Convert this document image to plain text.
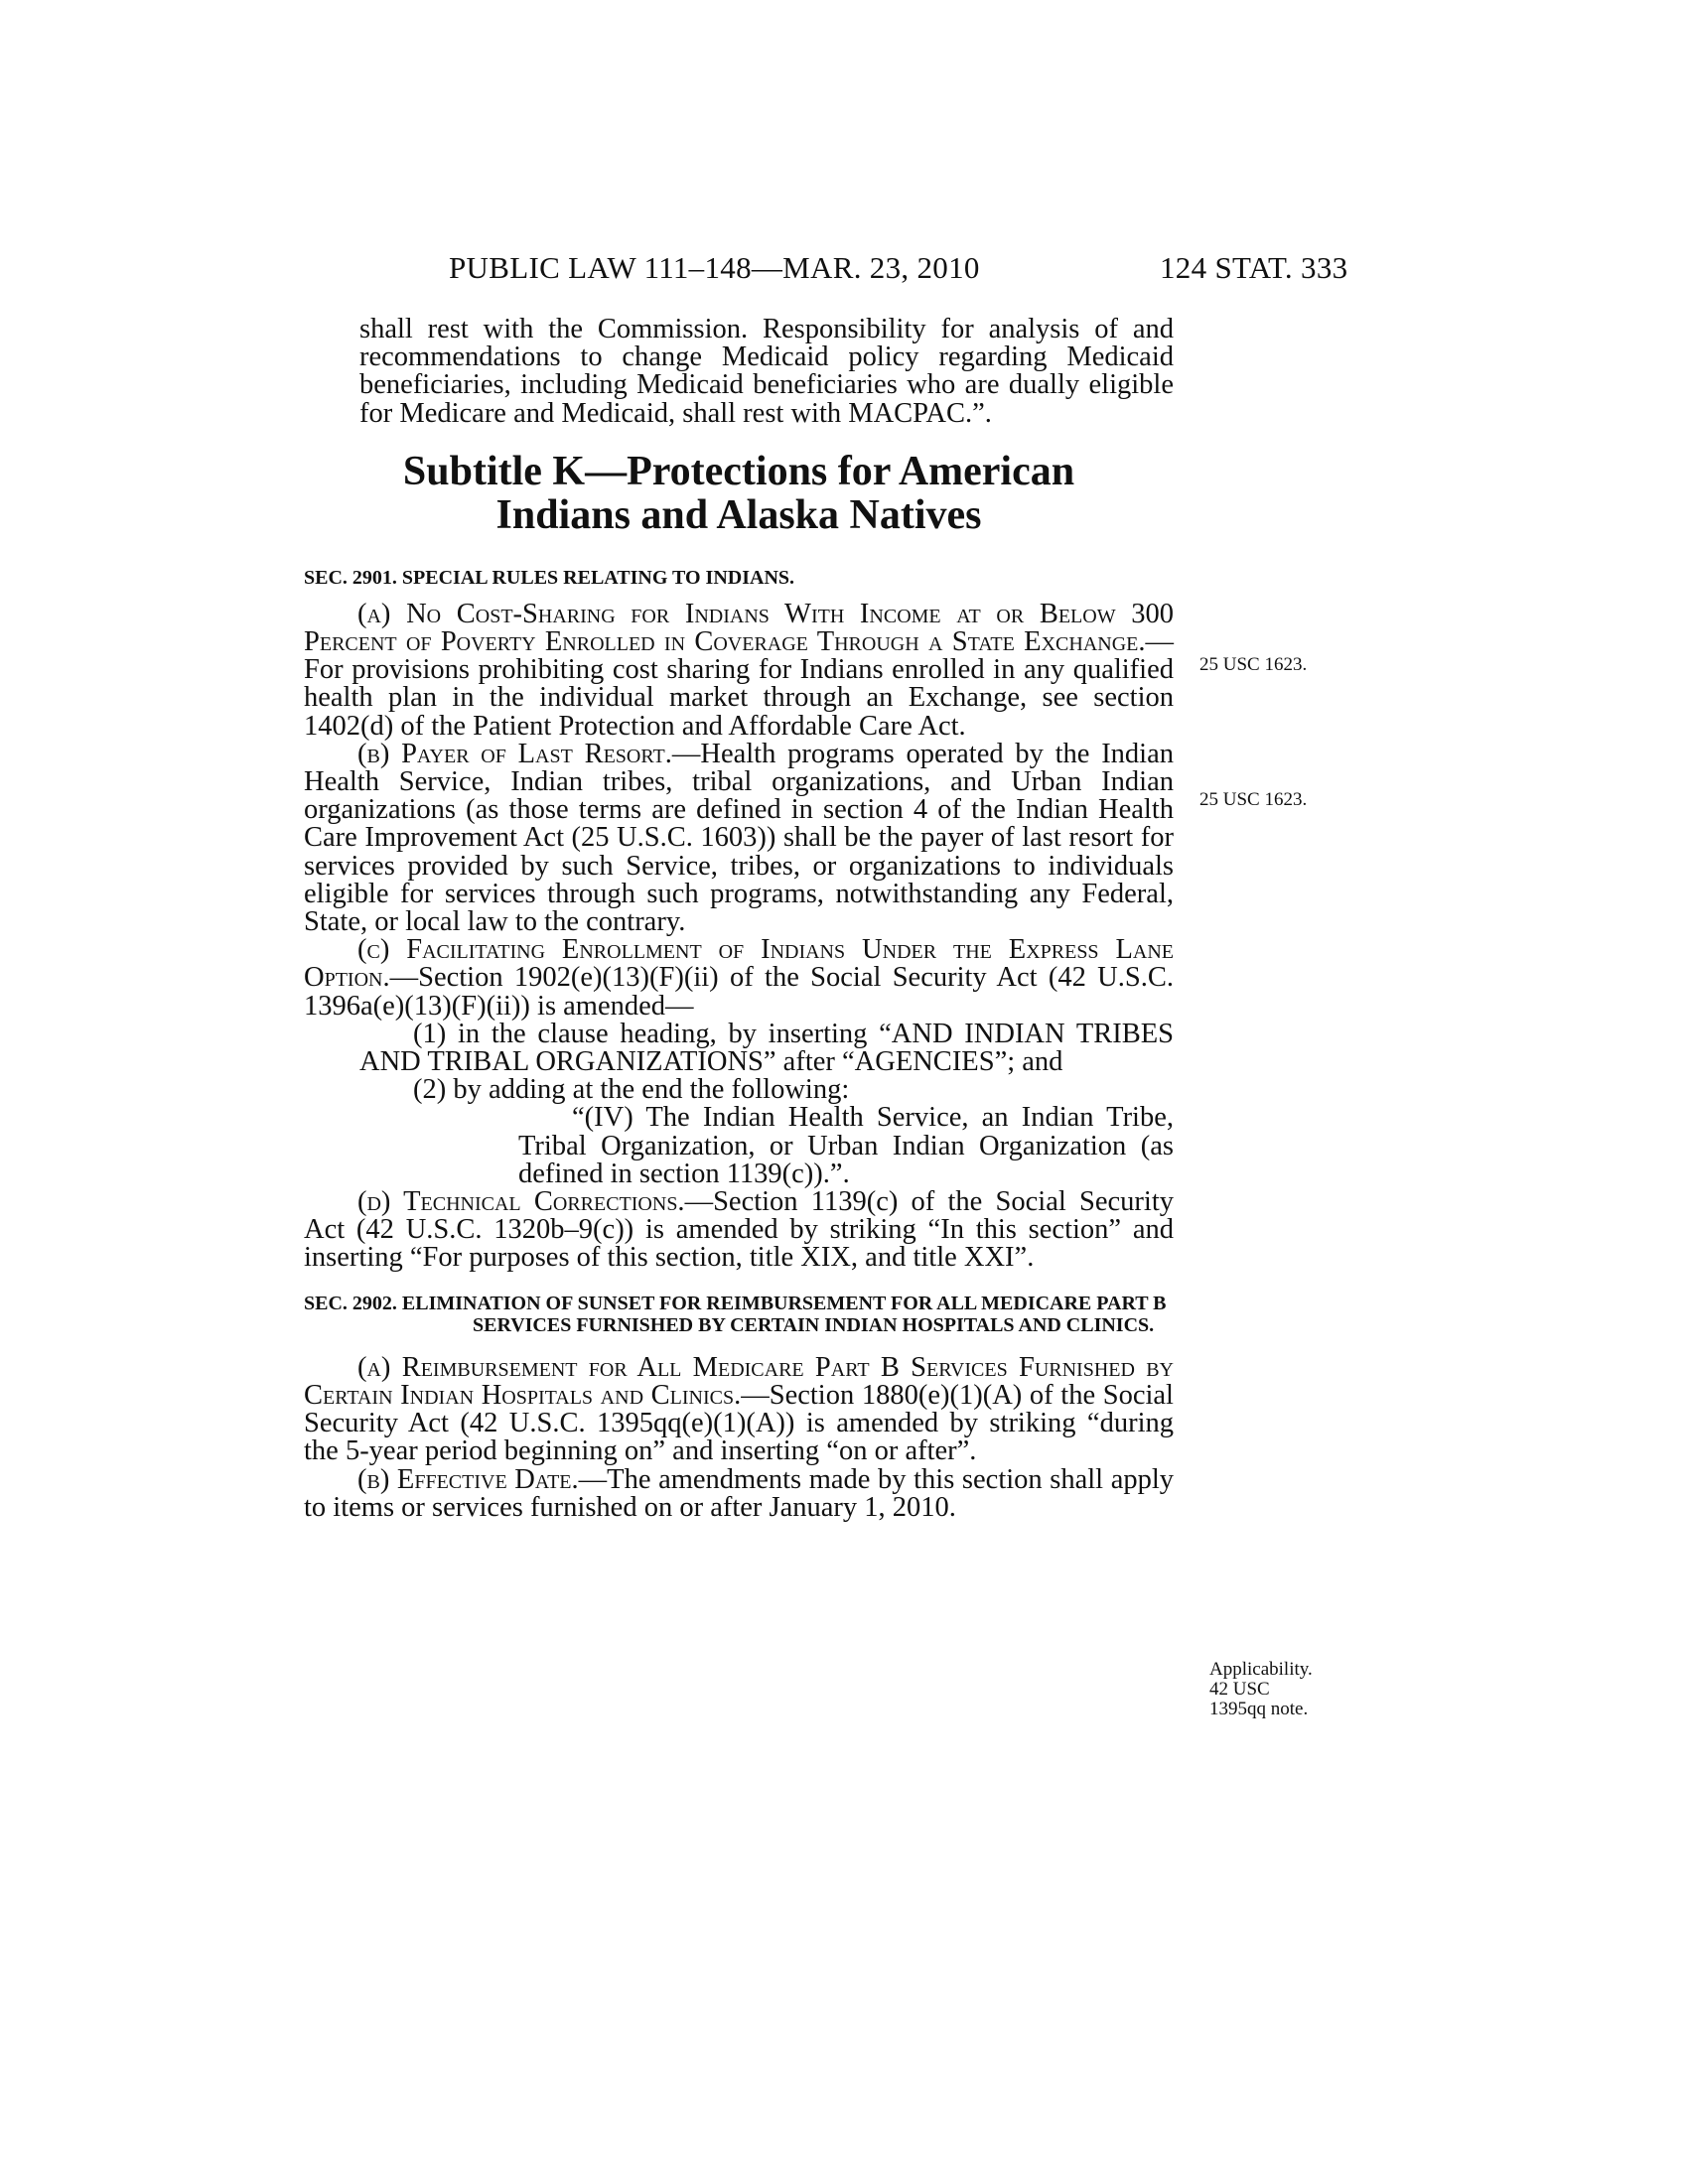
PUBLIC LAW 111–148—MAR. 23, 2010	124 STAT. 333

shall rest with the Commission. Responsibility for analysis of and recommendations to change Medicaid policy regarding Medicaid beneficiaries, including Medicaid beneficiaries who are dually eligible for Medicare and Medicaid, shall rest with MACPAC.”.

Subtitle K—Protections for American

Indians and Alaska Natives

SEC. 2901. SPECIAL RULES RELATING TO INDIANS.

(a) No Cost-Sharing for Indians With Income at or Below 300 Percent of Poverty Enrolled in Coverage Through a State Exchange.—For provisions prohibiting cost sharing for Indians enrolled in any qualified health plan in the individual market through an Exchange, see section 1402(d) of the Patient Protection and Affordable Care Act.

(b) Payer of Last Resort.—Health programs operated by the Indian Health Service, Indian tribes, tribal organizations, and Urban Indian organizations (as those terms are defined in section 4 of the Indian Health Care Improvement Act (25 U.S.C. 1603)) shall be the payer of last resort for services provided by such Service, tribes, or organizations to individuals eligible for services through such programs, notwithstanding any Federal, State, or local law to the contrary.

(c) Facilitating Enrollment of Indians Under the Express Lane Option.—Section 1902(e)(13)(F)(ii) of the Social Security Act (42 U.S.C. 1396a(e)(13)(F)(ii)) is amended—

(1) in the clause heading, by inserting “AND INDIAN TRIBES AND TRIBAL ORGANIZATIONS” after “AGENCIES”; and

(2) by adding at the end the following:

“(IV) The Indian Health Service, an Indian Tribe, Tribal Organization, or Urban Indian Organization (as defined in section 1139(c)).”.

(d) Technical Corrections.—Section 1139(c) of the Social Security Act (42 U.S.C. 1320b–9(c)) is amended by striking “In this section” and inserting “For purposes of this section, title XIX, and title XXI”.

SEC. 2902. ELIMINATION OF SUNSET FOR REIMBURSEMENT FOR ALL MEDICARE PART B SERVICES FURNISHED BY CERTAIN INDIAN HOSPITALS AND CLINICS.

(a) Reimbursement for All Medicare Part B Services Furnished by Certain Indian Hospitals and Clinics.—Section 1880(e)(1)(A) of the Social Security Act (42 U.S.C. 1395qq(e)(1)(A)) is amended by striking “during the 5-year period beginning on” and inserting “on or after”.

(b) Effective Date.—The amendments made by this section shall apply to items or services furnished on or after January 1, 2010.

25 USC 1623.
25 USC 1623.
Applicability. 42 USC 1395qq note.
